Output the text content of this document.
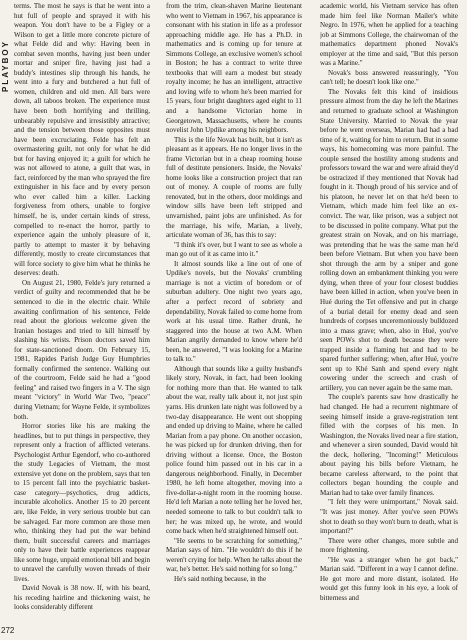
PLAYBOY
272

terms. The most he says is that he went into a hut full of people and sprayed it with his weapon. You don't have to be a Figley or a Wilson to get a little more concrete picture of what Felde did and why: Having been in combat seven months, having just been under mortar and sniper fire, having just had a buddy's intestines slip through his hands, he went into a fury and butchered a hut full of women, children and old men. All bars were down, all taboos broken. The experience must have been both horrifying and thrilling, unbearably repulsive and irresistibly attractive; and the tension between those opposites must have been excruciating. Felde has felt an overmastering guilt, not only for what he did but for having enjoyed it; a guilt for which he was not allowed to atone, a guilt that was, in fact, reinforced by the man who sprayed the fire extinguisher in his face and by every person who ever called him a killer. Lacking forgiveness from others, unable to forgive himself, he is, under certain kinds of stress, compelled to re-enact the horror, partly to experience again the unholy pleasure of it, partly to attempt to master it by behaving differently, mostly to create circumstances that will force society to give him what he thinks he deserves: death.

On August 21, 1980, Felde's jury returned a verdict of guilty and recommended that he be sentenced to die in the electric chair. While awaiting confirmation of his sentence, Felde read about the glorious welcome given the Iranian hostages and tried to kill himself by slashing his wrists. Prison doctors saved him for state-sanctioned doom. On February 15, 1981, Rapides Parish Judge Guy Humphries formally confirmed the sentence. Walking out of the courtroom, Felde said he had a "good feeling" and raised two fingers in a V. The sign meant "victory" in World War Two, "peace" during Vietnam; for Wayne Felde, it symbolizes both.

Horror stories like his are making the headlines, but to put things in perspective, they represent only a fraction of afflicted veterans. Psychologist Arthur Egendorf, who co-authored the study Legacies of Vietnam, the most extensive yet done on the problem, says that ten to 15 percent fall into the psychiatric basket-case category—psychotics, drug addicts, incurable alcoholics. Another 15 to 20 percent are, like Felde, in very serious trouble but can be salvaged. Far more common are those men who, thinking they had put the war behind them, built successful careers and marriages only to have their battle experiences reappear like some huge, unpaid emotional bill and begin to unravel the carefully woven threads of their lives.

David Novak is 38 now. If, with his beard, his receding hairline and thickening waist, he looks considerably different

from the trim, clean-shaven Marine lieutenant who went to Vietnam in 1967, his appearance is consonant with his station in life as a professor approaching middle age. He has a Ph.D. in mathematics and is coming up for tenure at Simmons College, an exclusive women's school in Boston; he has a contract to write three textbooks that will earn a modest but steady royalty income; he has an intelligent, attractive and loving wife to whom he's been married for 15 years, four bright daughters aged eight to 11 and a handsome Victorian home in Georgetown, Massachusetts, where he counts novelist John Updike among his neighbors.

This is the life Novak has built, but it isn't as pleasant as it appears. He no longer lives in the frame Victorian but in a cheap rooming house full of destitute pensioners. Inside, the Novaks' home looks like a construction project that ran out of money. A couple of rooms are fully renovated, but in the others, door moldings and window sills have been left stripped and unvarnished, paint jobs are unfinished. As for the marriage, his wife, Marian, a lively, articulate woman of 36, has this to say:

"I think it's over, but I want to see as whole a man go out of it as came into it."

It almost sounds like a line out of one of Updike's novels, but the Novaks' crumbling marriage is not a victim of boredom or of suburban adultery. One night two years ago, after a perfect record of sobriety and dependability, Novak failed to come home from work at his usual time. Rather drunk, he staggered into the house at two A.M. When Marian angrily demanded to know where he'd been, he answered, "I was looking for a Marine to talk to."

Although that sounds like a guilty husband's likely story, Novak, in fact, had been looking for nothing more than that. He wanted to talk about the war, really talk about it, not just spin yarns. His drunken late night was followed by a two-day disappearance. He went out shopping and ended up driving to Maine, where he called Marian from a pay phone. On another occasion, he was picked up for drunken driving, then for driving without a license. Once, the Boston police found him passed out in his car in a dangerous neighborhood. Finally, in December 1980, he left home altogether, moving into a five-dollar-a-night room in the rooming house. He'd left Marian a note telling her he loved her, needed someone to talk to but couldn't talk to her; he was mixed up, he wrote, and would come back when he'd straightened himself out.

"He seems to be scratching for something," Marian says of him. "He wouldn't do this if he weren't crying for help. When he talks about the war, he's better. He's said nothing for so long."

He's said nothing because, in the

academic world, his Vietnam service has often made him feel like Norman Mailer's white Negro. In 1976, when he applied for a teaching job at Simmons College, the chairwoman of the mathematics department phoned Novak's employer at the time and said, "But this person was a Marine."

Novak's boss answered reassuringly, "You can't tell; he doesn't look like one."

The Novaks felt this kind of insidious pressure almost from the day he left the Marines and returned to graduate school at Washington State University. Married to Novak the year before he went overseas, Marian had had a bad time of it, waiting for him to return. But in some ways, his homecoming was more painful. The couple sensed the hostility among students and professors toward the war and were afraid they'd be ostracized if they mentioned that Novak had fought in it. Though proud of his service and of his platoon, he never let on that he'd been to Vietnam, which made him feel like an ex-convict. The war, like prison, was a subject not to be discussed in polite company. What put the greatest strain on Novak, and on his marriage, was pretending that he was the same man he'd been before Vietnam. But when you have been shot through the arm by a sniper and gone rolling down an embankment thinking you were dying, when three of your four closest buddies have been killed in action, when you've been in Hué during the Tet offensive and put in charge of a burial detail for enemy dead and seen hundreds of corpses unceremoniously bulldozed into a mass grave; when, also in Hué, you've seen POWs shot to death because they were trapped inside a flaming hut and had to be spared further suffering; when, after Hué, you're sent up to Khé Sanh and spend every night cowering under the screech and crash of artillery, you can never again be the same man.

The couple's parents saw how drastically he had changed. He had a recurrent nightmare of seeing himself inside a grave-registration tent filled with the corpses of his men. In Washington, the Novaks lived near a fire station, and whenever a siren sounded, David would hit the deck, hollering, "Incoming!" Meticulous about paying his bills before Vietnam, he became careless afterward, to the point that collectors began hounding the couple and Marian had to take over family finances.

"I felt they were unimportant," Novak said. "It was just money. After you've seen POWs shot to death so they won't burn to death, what is important?"

There were other changes, more subtle and more frightening.

"He was a stranger when he got back," Marian said. "Different in a way I cannot define. He got more and more distant, isolated. He would get this funny look in his eye, a look of bitterness and
